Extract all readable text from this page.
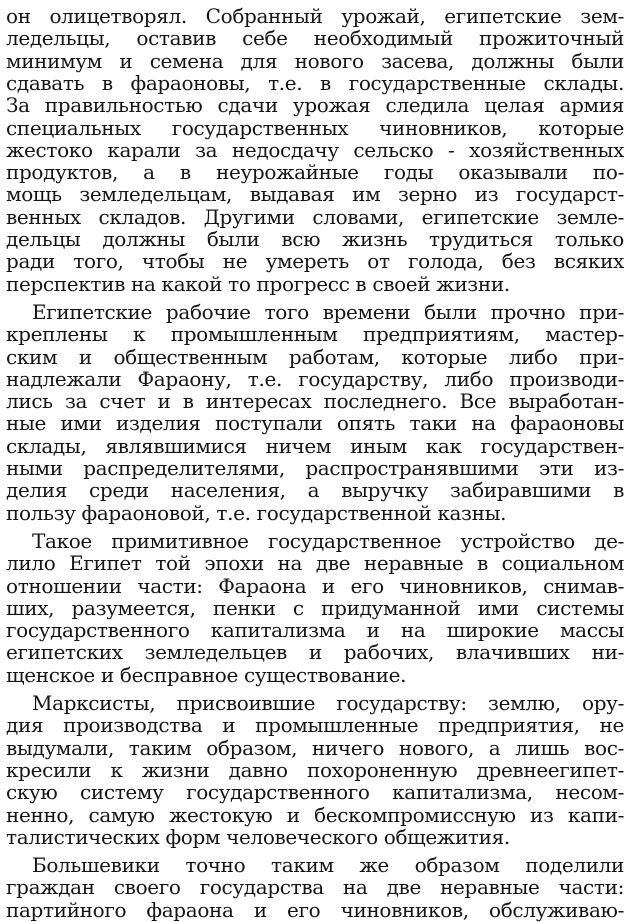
он олицетворял. Собранный урожай, египетские зем-

ледельцы, оставив себе необходимый прожиточный

минимум и семена для нового засева, должны были

сдавать в фараоновы, т.е. в государственные склады.

За правильностью сдачи урожая следила целая армия

специальных государственных чиновников, которые

жестоко карали за недосдачу сельско - хозяйственных

продуктов, а в неурожайные годы оказывали по-

мощь земледельцам, выдавая им зерно из государст-

венных складов. Другими словами, египетские земле-

дельцы должны были всю жизнь трудиться только

ради того, чтобы не умереть от голода, без всяких

перспектив на какой то прогресс в своей жизни.

Египетские рабочие того времени были прочно при-

креплены к промышленным предприятиям, мастер-

ским и общественным работам, которые либо при-

надлежали Фараону, т.е. государству, либо производи-

лись за счет и в интересах последнего. Все выработан-

ные ими изделия поступали опять таки на фараоновы

склады, являвшимися ничем иным как государствен-

ными распределителями, распространявшими эти из-

делия среди населения, а выручку забиравшими в

пользу фараоновой, т.е. государственной казны.

Такое примитивное государственное устройство де-

лило Египет той эпохи на две неравные в социальном

отношении части: Фараона и его чиновников, снимав-

ших, разумеется, пенки с придуманной ими системы

государственного капитализма и на широкие массы

египетских земледельцев и рабочих, влачивших ни-

щенское и бесправное существование.

Марксисты, присвоившие государству: землю, ору-

дия производства и промышленные предприятия, не

выдумали, таким образом, ничего нового, а лишь вос-

кресили к жизни давно похороненную древнеегипет-

скую систему государственного капитализма, несом-

ненно, самую жестокую и бескомпромиссную из капи-

талистических форм человеческого общежития.

Большевики точно таким же образом поделили

граждан своего государства на две неравные части:

партийного фараона и его чиновников, обслуживаю-
